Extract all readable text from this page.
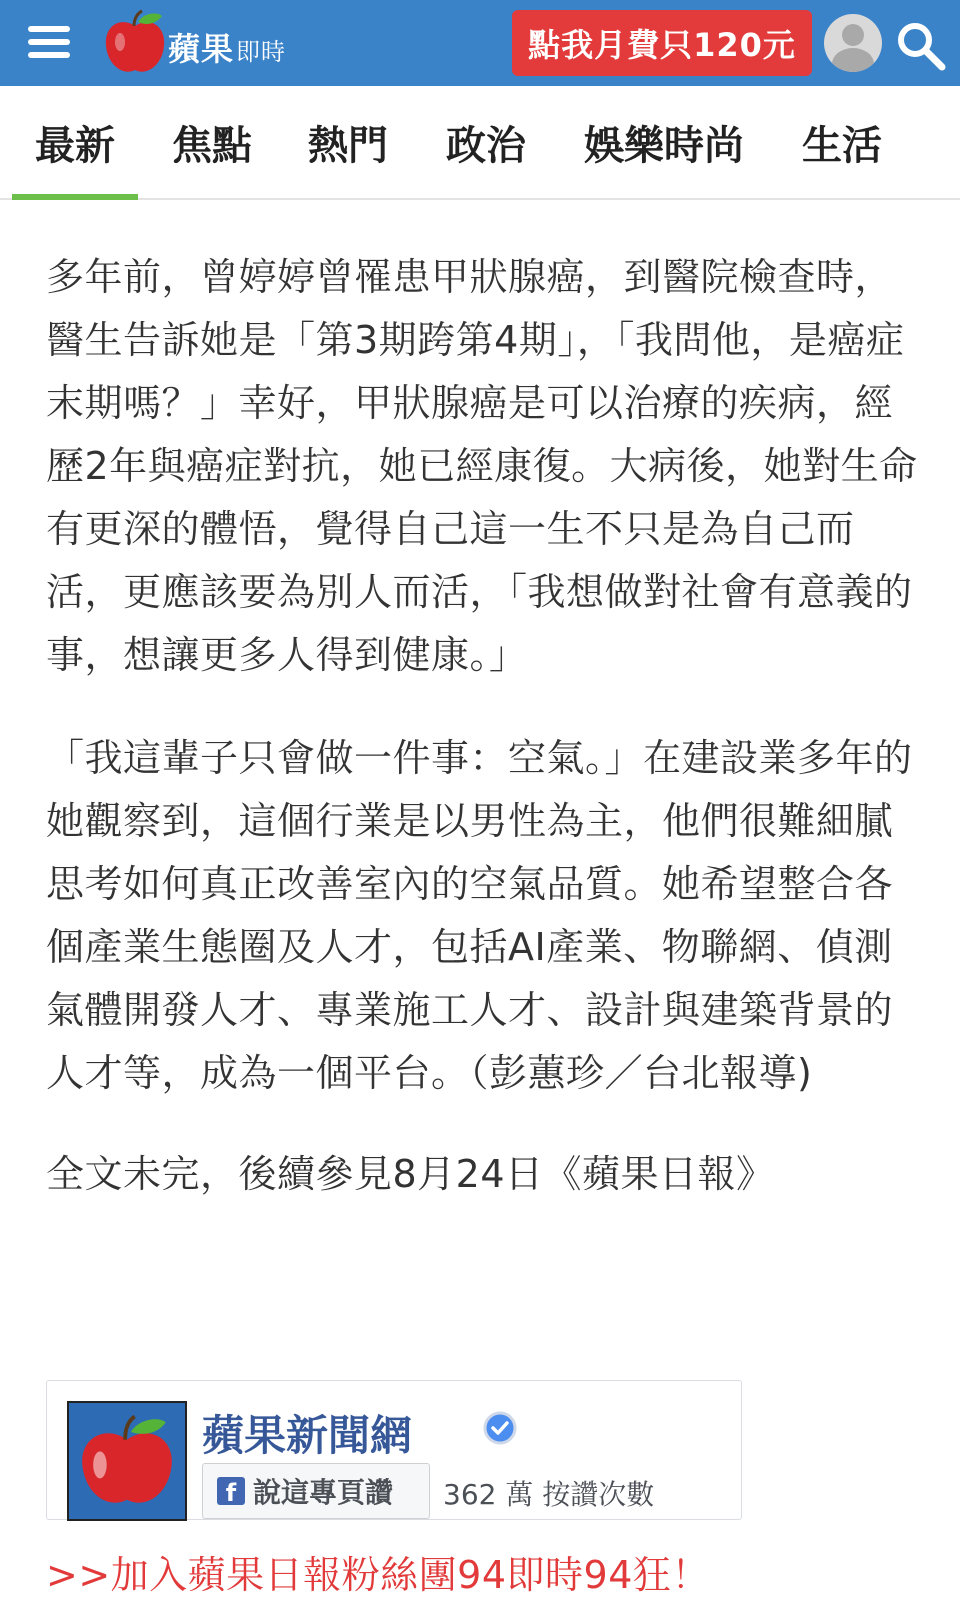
蘋果即時	點我月費只120元
最新	焦點	熱門	政治	娛樂時尚	生活

多年前，曾婷婷曾罹患甲狀腺癌，到醫院檢查時，醫生告訴她是「第3期跨第4期」，「我問他，是癌症末期嗎？」幸好，甲狀腺癌是可以治療的疾病，經歷2年與癌症對抗，她已經康復。大病後，她對生命有更深的體悟，覺得自己這一生不只是為自己而活，更應該要為別人而活，「我想做對社會有意義的事，想讓更多人得到健康。」

「我這輩子只會做一件事：空氣。」在建設業多年的她觀察到，這個行業是以男性為主，他們很難細膩思考如何真正改善室內的空氣品質。她希望整合各個產業生態圈及人才，包括AI產業、物聯網、偵測氣體開發人才、專業施工人才、設計與建築背景的人才等，成為一個平台。（彭蕙珍／台北報導)

全文未完，後續參見8月24日《蘋果日報》

蘋果新聞網
f 說這專頁讚 362 萬 按讚次數
>>加入蘋果日報粉絲團94即時94狂！
